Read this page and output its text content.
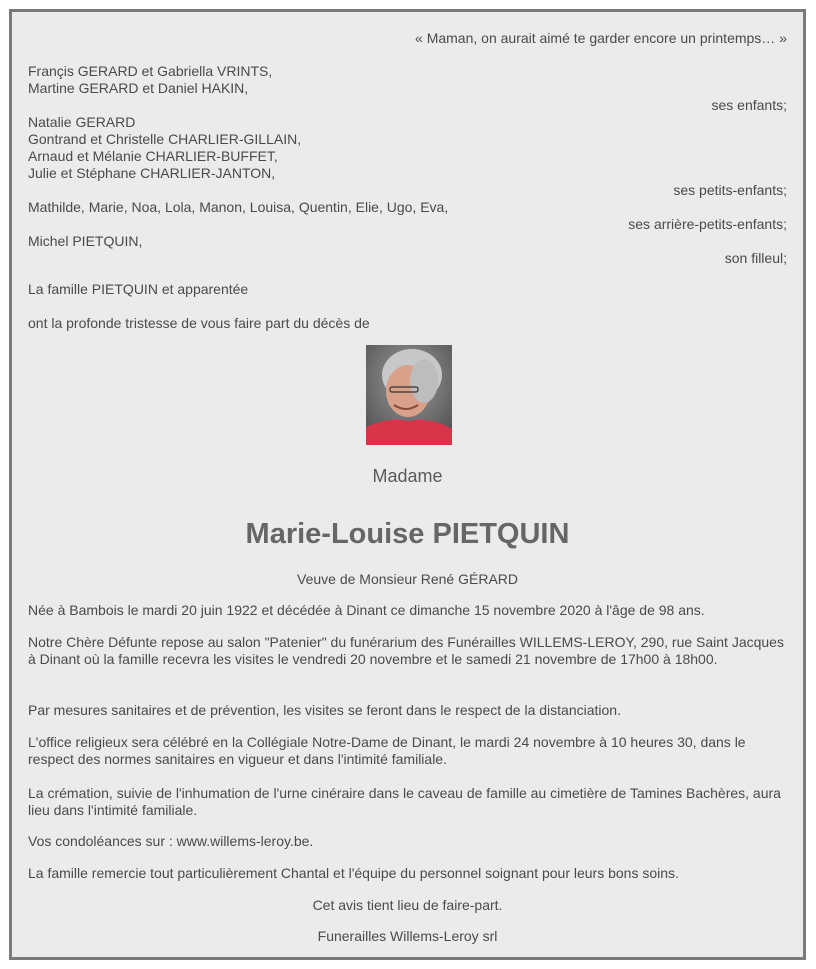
« Maman, on aurait aimé te garder encore un printemps… »
Françis GERARD et Gabriella VRINTS,
Martine GERARD et Daniel HAKIN,
ses enfants;
Natalie GERARD
Gontrand et Christelle CHARLIER-GILLAIN,
Arnaud et Mélanie CHARLIER-BUFFET,
Julie et Stéphane CHARLIER-JANTON,
ses petits-enfants;
Mathilde, Marie, Noa, Lola, Manon, Louisa, Quentin, Elie, Ugo, Eva,
ses arrière-petits-enfants;
Michel PIETQUIN,
son filleul;
La famille PIETQUIN et apparentée
ont la profonde tristesse de vous faire part du décès de
Madame
Marie-Louise PIETQUIN
Veuve de Monsieur René GÉRARD
Née à Bambois le mardi 20 juin 1922 et décédée à Dinant ce dimanche 15 novembre 2020 à l'âge de 98 ans.
Notre Chère Défunte repose au salon "Patenier" du funérarium des Funérailles WILLEMS-LEROY, 290, rue Saint Jacques à Dinant où la famille recevra les visites le vendredi 20 novembre et le samedi 21 novembre de 17h00 à 18h00.
Par mesures sanitaires et de prévention, les visites se feront dans le respect de la distanciation.
L'office religieux sera célébré en la Collégiale Notre-Dame de Dinant, le mardi 24 novembre à 10 heures 30, dans le respect des normes sanitaires en vigueur et dans l'intimité familiale.
La crémation, suivie de l'inhumation de l'urne cinéraire dans le caveau de famille au cimetière de Tamines Bachères, aura lieu dans l'intimité familiale.
Vos condoléances sur : www.willems-leroy.be.
La famille remercie tout particulièrement Chantal et l'équipe du personnel soignant pour leurs bons soins.
Cet avis tient lieu de faire-part.
Funerailles Willems-Leroy srl
